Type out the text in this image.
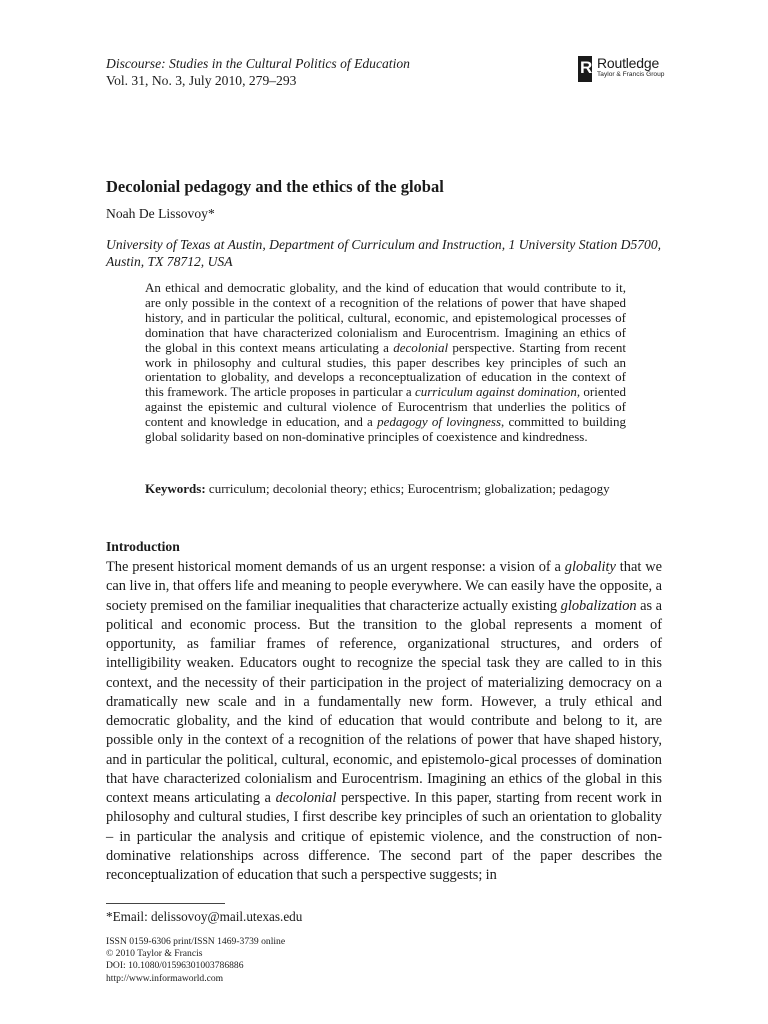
Discourse: Studies in the Cultural Politics of Education
Vol. 31, No. 3, July 2010, 279–293
R Routledge
Taylor & Francis Group
Decolonial pedagogy and the ethics of the global
Noah De Lissovoy*
University of Texas at Austin, Department of Curriculum and Instruction, 1 University Station D5700, Austin, TX 78712, USA

An ethical and democratic globality, and the kind of education that would contribute to it, are only possible in the context of a recognition of the relations of power that have shaped history, and in particular the political, cultural, economic, and epistemological processes of domination that have characterized colonialism and Eurocentrism. Imagining an ethics of the global in this context means articulating a decolonial perspective. Starting from recent work in philosophy and cultural studies, this paper describes key principles of such an orientation to globality, and develops a reconceptualization of education in the context of this framework. The article proposes in particular a curriculum against domination, oriented against the epistemic and cultural violence of Eurocentrism that underlies the politics of content and knowledge in education, and a pedagogy of lovingness, committed to building global solidarity based on non-dominative principles of coexistence and kindredness.

Keywords: curriculum; decolonial theory; ethics; Eurocentrism; globalization; pedagogy

Introduction

The present historical moment demands of us an urgent response: a vision of a globality that we can live in, that offers life and meaning to people everywhere. We can easily have the opposite, a society premised on the familiar inequalities that characterize actually existing globalization as a political and economic process. But the transition to the global represents a moment of opportunity, as familiar frames of reference, organizational structures, and orders of intelligibility weaken. Educators ought to recognize the special task they are called to in this context, and the necessity of their participation in the project of materializing democracy on a dramatically new scale and in a fundamentally new form. However, a truly ethical and democratic globality, and the kind of education that would contribute and belong to it, are possible only in the context of a recognition of the relations of power that have shaped history, and in particular the political, cultural, economic, and epistemolo-gical processes of domination that have characterized colonialism and Eurocentrism. Imagining an ethics of the global in this context means articulating a decolonial perspective. In this paper, starting from recent work in philosophy and cultural studies, I first describe key principles of such an orientation to globality – in particular the analysis and critique of epistemic violence, and the construction of non-dominative relationships across difference. The second part of the paper describes the reconceptualization of education that such a perspective suggests; in

*Email: delissovoy@mail.utexas.edu
ISSN 0159-6306 print/ISSN 1469-3739 online
© 2010 Taylor & Francis
DOI: 10.1080/01596301003786886
http://www.informaworld.com
